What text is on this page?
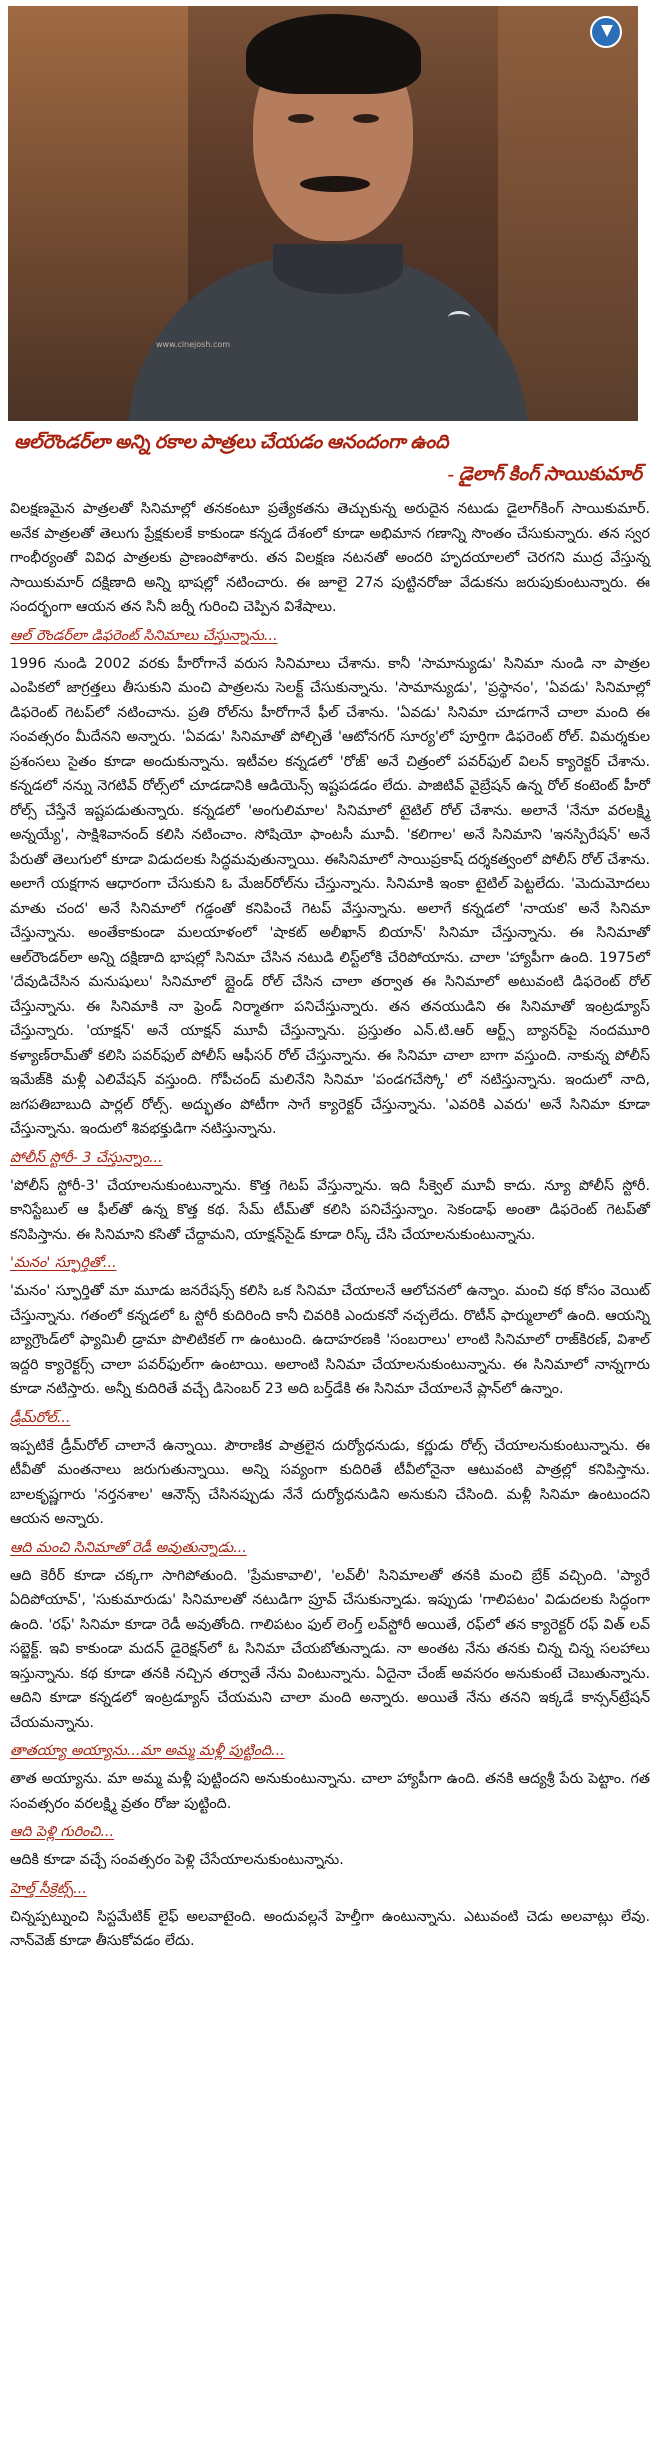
www.cinejosh.com
ఆల్‌రౌండర్‌లా అన్ని రకాల పాత్రలు చేయడం ఆనందంగా ఉంది
- డైలాగ్ కింగ్ సాయికుమార్

విలక్షణమైన పాత్రలతో సినిమాల్లో తనకంటూ ప్రత్యేకతను తెచ్చుకున్న అరుదైన నటుడు డైలాగ్‌కింగ్ సాయికుమార్. అనేక పాత్రలతో తెలుగు ప్రేక్షకులకే కాకుండా కన్నడ దేశంలో కూడా అభిమాన గణాన్ని సొంతం చేసుకున్నారు. తన స్వర గాంభీర్యంతో వివిధ పాత్రలకు ప్రాణంపోశారు. తన విలక్షణ నటనతో అందరి హృదయాలలో చెరగని ముద్ర వేస్తున్న సాయికుమార్ దక్షిణాది అన్ని భాషల్లో నటించారు. ఈ జూలై 27న పుట్టినరోజు వేడుకను జరుపుకుంటున్నారు. ఈ సందర్భంగా ఆయన తన సినీ జర్నీ గురించి చెప్పిన విశేషాలు.

ఆల్ రౌండర్‌లా డిఫరెంట్ సినిమాలు చేస్తున్నాను...

1996 నుండి 2002 వరకు హీరోగానే వరుస సినిమాలు చేశాను. కానీ 'సామాన్యుడు' సినిమా నుండి నా పాత్రల ఎంపికలో జాగ్రత్తలు తీసుకుని మంచి పాత్రలను సెలక్ట్ చేసుకున్నాను. 'సామాన్యుడు', 'ప్రస్థానం', 'ఏవడు' సినిమాల్లో డిఫరెంట్ గెటప్‌లో నటించాను. ప్రతి రోల్‌ను హీరోగానే ఫీల్ చేశాను. 'ఏవడు' సినిమా చూడగానే చాలా మంది ఈ సంవత్సరం మీదేనని అన్నారు. 'ఏవడు' సినిమాతో పోల్చితే 'ఆటోనగర్ సూర్య'లో పూర్తిగా డిఫరెంట్ రోల్. విమర్శకుల ప్రశంసలు సైతం కూడా అందుకున్నాను. ఇటీవల కన్నడలో 'రోజ్' అనే చిత్రంలో పవర్‌ఫుల్ విలన్ క్యారెక్టర్ చేశాను. కన్నడలో నన్ను నెగటివ్ రోల్స్‌లో చూడడానికి ఆడియెన్స్ ఇష్టపడడం లేదు. పాజిటివ్ వైబ్రేషన్ ఉన్న రోల్ కంటెంట్ హీరో రోల్స్ చేస్తేనే ఇష్టపడుతున్నారు. కన్నడలో 'అంగులిమాల' సినిమాలో టైటిల్ రోల్ చేశాను. అలానే 'నేనూ వరలక్ష్మి అన్నయ్యే', సాక్షిశివానంద్ కలిసి నటించాం. సోషియో ఫాంటసీ మూవీ. 'కలిగాల' అనే సినిమాని 'ఇనస్పిరేషన్' అనే పేరుతో తెలుగులో కూడా విడుదలకు సిద్ధమవుతున్నాయి. ఈసినిమాలో సాయిప్రకాష్ దర్శకత్వంలో పోలీస్ రోల్ చేశాను. అలాగే యక్షగాన ఆధారంగా చేసుకుని ఓ మేజర్‌రోల్‌ను చేస్తున్నాను. సినిమాకి ఇంకా టైటిల్ పెట్టలేదు. 'మెదుమోదలు మాతు చంద' అనే సినిమాలో గడ్డంతో కనిపించే గెటప్ వేస్తున్నాను. అలాగే కన్నడలో 'నాయక' అనే సినిమా చేస్తున్నాను. అంతేకాకుండా మలయాళంలో 'షాకట్ అలీఖాన్ బియాన్' సినిమా చేస్తున్నాను. ఈ సినిమాతో ఆల్‌రౌండర్‌లా అన్ని దక్షిణాది భాషల్లో సినిమా చేసిన నటుడి లిస్ట్‌లోకి చేరిపోయాను. చాలా 'హ్యాపీగా ఉంది. 1975లో 'దేవుడిచేసిన మనుషులు' సినిమాలో బ్లైండ్ రోల్ చేసిన చాలా తర్వాత ఈ సినిమాలో అటువంటి డిఫరెంట్ రోల్ చేస్తున్నాను. ఈ సినిమాకి నా ఫ్రెండ్ నిర్మాతగా పనిచేస్తున్నారు. తన తనయుడిని ఈ సినిమాతో ఇంట్రడ్యూస్ చేస్తున్నారు. 'యాక్షన్' అనే యాక్షన్ మూవీ చేస్తున్నాను. ప్రస్తుతం ఎన్.టి.ఆర్ ఆర్ట్స్ బ్యానర్‌పై నందమూరి కళ్యాణ్‌రామ్‌తో కలిసి పవర్‌ఫుల్ పోలీస్ ఆఫీసర్ రోల్ చేస్తున్నాను. ఈ సినిమా చాలా బాగా వస్తుంది. నాకున్న పోలీస్ ఇమేజ్‌కి మళ్లీ ఎలివేషన్ వస్తుంది. గోపీచంద్ మలినేని సినిమా 'పండగచేస్కో' లో నటిస్తున్నాను. ఇందులో నాది, జగపతిబాబుది పార్లల్ రోల్స్. అద్భుతం పోటీగా సాగే క్యారెక్టర్ చేస్తున్నాను. 'ఎవరికి ఎవరు' అనే సినిమా కూడా చేస్తున్నాను. ఇందులో శివభక్తుడిగా నటిస్తున్నాను.

పోలీస్ స్టోరీ- 3 చేస్తున్నాం...

'పోలీస్ స్టోరీ-3' చేయాలనుకుంటున్నాను. కొత్త గెటప్ వేస్తున్నాను. ఇది సీక్వెల్ మూవీ కాదు. న్యూ పోలీస్ స్టోరీ. కానిస్టేబుల్ ఆ ఫీల్‌తో ఉన్న కొత్త కథ. సేమ్ టీమ్‌తో కలిసి పనిచేస్తున్నాం. సెకండాఫ్ అంతా డిఫరెంట్ గెటప్‌తో కనిపిస్తాను. ఈ సినిమాని కసితో చేద్దామని, యాక్షన్‌సైడ్ కూడా రిస్క్ చేసి చేయాలనుకుంటున్నాను.

'మనం' స్ఫూర్తితో...

'మనం' స్ఫూర్తితో మా మూడు జనరేషన్స్ కలిసి ఒక సినిమా చేయాలనే ఆలోచనలో ఉన్నాం. మంచి కథ కోసం వెయిట్ చేస్తున్నాను. గతంలో కన్నడలో ఓ స్టోరీ కుదిరింది కానీ చివరికి ఎందుకనో నచ్చలేదు. రొటీన్ ఫార్ములాలో ఉంది. ఆయన్ని బ్యాగ్రౌండ్‌లో ఫ్యామిలీ డ్రామా పొలిటికల్ గా ఉంటుంది. ఉదాహరణకి 'సంబరాలు' లాంటి సినిమాలో రాజ్‌కిరణ్, విశాల్ ఇద్దరి క్యారెక్టర్స్ చాలా పవర్‌ఫుల్‌గా ఉంటాయి. అలాంటి సినిమా చేయాలనుకుంటున్నాను. ఈ సినిమాలో నాన్నగారు కూడా నటిస్తారు. అన్నీ కుదిరితే వచ్చే డిసెంబర్ 23 అది బర్త్‌డేకి ఈ సినిమా చేయాలనే ప్లాన్‌లో ఉన్నాం.

డ్రీమ్‌రోల్...

ఇప్పటికే డ్రీమ్‌రోల్ చాలానే ఉన్నాయి. పౌరాణిక పాత్రలైన దుర్యోధనుడు, కర్ణుడు రోల్స్ చేయాలనుకుంటున్నాను. ఈ టీవీతో మంతనాలు జరుగుతున్నాయి. అన్ని సవ్యంగా కుదిరితే టీవీలోనైనా ఆటువంటి పాత్రల్లో కనిపిస్తాను. బాలకృష్ణగారు 'నర్తనశాల' ఆనౌన్స్ చేసినప్పుడు నేనే దుర్యోధనుడిని అనుకుని చేసింది. మళ్లీ సినిమా ఉంటుందని ఆయన అన్నారు.

ఆది మంచి సినిమాతో రెడీ అవుతున్నాడు...

ఆది కెరీర్ కూడా చక్కగా సాగిపోతుంది. 'ప్రేమకావాలి', 'లవ్‌లీ' సినిమాలతో తనకి మంచి బ్రేక్ వచ్చింది. 'ప్యారే ఏదిపోయావ్', 'సుకుమారుడు' సినిమాలతో నటుడిగా ప్రూవ్ చేసుకున్నాడు. ఇప్పుడు 'గాలిపటం' విడుదలకు సిద్ధంగా ఉంది. 'రఫ్' సినిమా కూడా రెడీ అవుతోంది. గాలిపటం ఫుల్ లెంగ్త్ లవ్‌స్టోరీ అయితే, రఫ్‌లో తన క్యారెక్టర్ రఫ్ విత్ లవ్ సబ్జెక్ట్. ఇవి కాకుండా మదన్ డైరెక్షన్‌లో ఓ సినిమా చేయబోతున్నాడు. నా అంతట నేను తనకు చిన్న చిన్న సలహాలు ఇస్తున్నాను. కథ కూడా తనకి నచ్చిన తర్వాతే నేను వింటున్నాను. ఏదైనా చేంజ్ అవసరం అనుకుంటే చెబుతున్నాను. ఆదిని కూడా కన్నడలో ఇంట్రడ్యూస్ చేయమని చాలా మంది అన్నారు. అయితే నేను తనని ఇక్కడే కాన్సన్‌ట్రేషన్ చేయమన్నాను.

తాతయ్యా అయ్యాను...మా అమ్మ మళ్లీ పుట్టింది...

తాత అయ్యాను. మా అమ్మ మళ్లీ పుట్టిందని అనుకుంటున్నాను. చాలా హ్యాపీగా ఉంది. తనకి ఆద్యశ్రీ పేరు పెట్టాం. గత సంవత్సరం వరలక్ష్మి వ్రతం రోజు పుట్టింది.

ఆది పెళ్లి గురించి...

ఆదికి కూడా వచ్చే సంవత్సరం పెళ్లి చేసేయాలనుకుంటున్నాను.

హెల్త్ సీక్రెట్స్...

చిన్నప్పట్నుంచి సిస్టమేటిక్ లైఫ్ అలవాటైంది. అందువల్లనే హెల్తీగా ఉంటున్నాను. ఎటువంటి చెడు అలవాట్లు లేవు. నాన్‌వెజ్ కూడా తీసుకోవడం లేదు.
